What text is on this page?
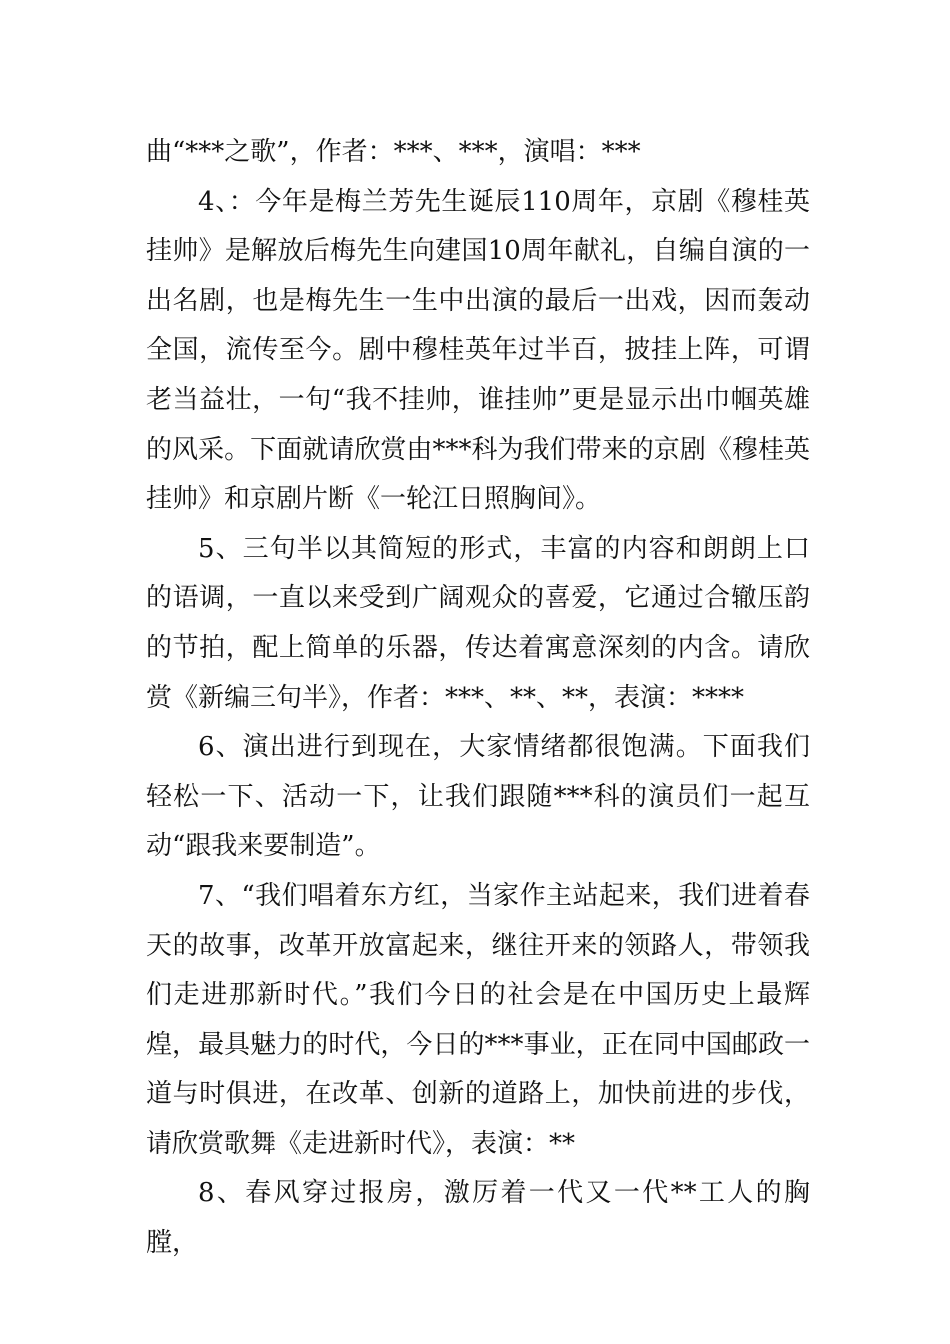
曲“***之歌”，作者：***、***，演唱：***

4、：今年是梅兰芳先生诞辰110周年，京剧《穆桂英挂帅》是解放后梅先生向建国10周年献礼，自编自演的一出名剧，也是梅先生一生中出演的最后一出戏，因而轰动全国，流传至今。剧中穆桂英年过半百，披挂上阵，可谓老当益壮，一句“我不挂帅，谁挂帅”更是显示出巾帼英雄的风采。下面就请欣赏由***科为我们带来的京剧《穆桂英挂帅》和京剧片断《一轮江日照胸间》。

5、三句半以其简短的形式，丰富的内容和朗朗上口的语调，一直以来受到广阔观众的喜爱，它通过合辙压韵的节拍，配上简单的乐器，传达着寓意深刻的内含。请欣赏《新编三句半》，作者：***、**、**，表演：****

6、演出进行到现在，大家情绪都很饱满。下面我们轻松一下、活动一下，让我们跟随***科的演员们一起互动“跟我来要制造”。

7、“我们唱着东方红，当家作主站起来，我们进着春天的故事，改革开放富起来，继往开来的领路人，带领我们走进那新时代。”我们今日的社会是在中国历史上最辉煌，最具魅力的时代，今日的***事业，正在同中国邮政一道与时俱进，在改革、创新的道路上，加快前进的步伐，请欣赏歌舞《走进新时代》，表演：**

8、春风穿过报房，激厉着一代又一代**工人的胸膛，
